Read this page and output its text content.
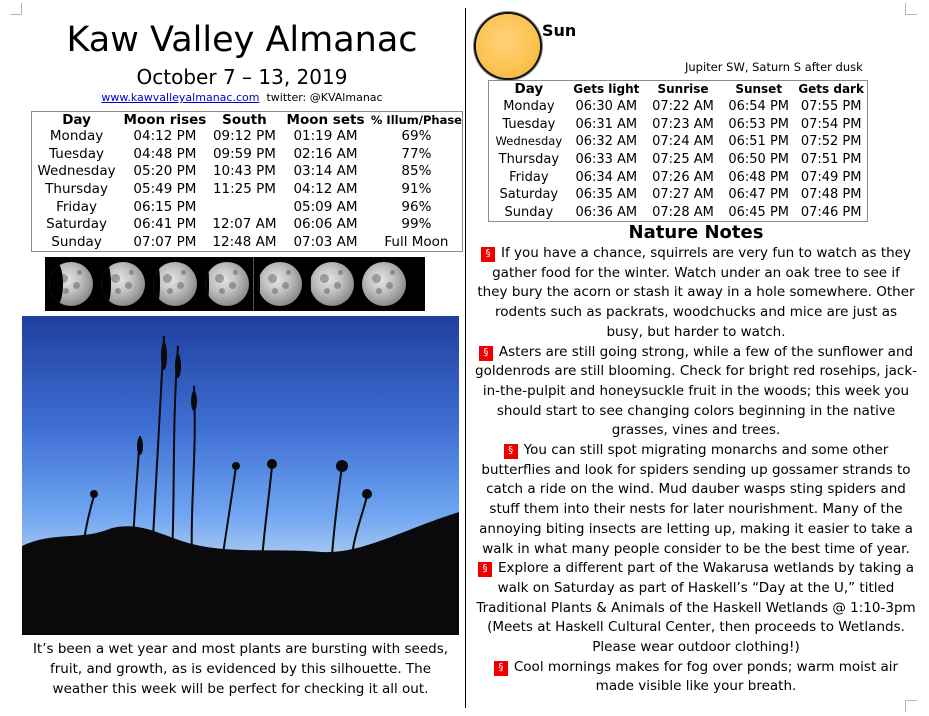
Kaw Valley Almanac
October 7 – 13, 2019
www.kawvalleyalmanac.com twitter: @KVAlmanac
Day	Moon rises	South	Moon sets	% Illum/Phase
Monday	04:12 PM	09:12 PM	01:19 AM	69%
Tuesday	04:48 PM	09:59 PM	02:16 AM	77%
Wednesday	05:20 PM	10:43 PM	03:14 AM	85%
Thursday	05:49 PM	11:25 PM	04:12 AM	91%
Friday	06:15 PM		05:09 AM	96%
Saturday	06:41 PM	12:07 AM	06:06 AM	99%
Sunday	07:07 PM	12:48 AM	07:03 AM	Full Moon
It’s been a wet year and most plants are bursting with seeds, fruit, and growth, as is evidenced by this silhouette. The weather this week will be perfect for checking it all out.
Sun
Jupiter SW, Saturn S after dusk
Day	Gets light	Sunrise	Sunset	Gets dark
Monday	06:30 AM	07:22 AM	06:54 PM	07:55 PM
Tuesday	06:31 AM	07:23 AM	06:53 PM	07:54 PM
Wednesday	06:32 AM	07:24 AM	06:51 PM	07:52 PM
Thursday	06:33 AM	07:25 AM	06:50 PM	07:51 PM
Friday	06:34 AM	07:26 AM	06:48 PM	07:49 PM
Saturday	06:35 AM	07:27 AM	06:47 PM	07:48 PM
Sunday	06:36 AM	07:28 AM	06:45 PM	07:46 PM
Nature Notes

§ If you have a chance, squirrels are very fun to watch as they gather food for the winter. Watch under an oak tree to see if they bury the acorn or stash it away in a hole somewhere. Other rodents such as packrats, woodchucks and mice are just as busy, but harder to watch.

§ Asters are still going strong, while a few of the sunflower and goldenrods are still blooming. Check for bright red rosehips, jack-in-the-pulpit and honeysuckle fruit in the woods; this week you should start to see changing colors beginning in the native grasses, vines and trees.

§ You can still spot migrating monarchs and some other butterflies and look for spiders sending up gossamer strands to catch a ride on the wind. Mud dauber wasps sting spiders and stuff them into their nests for later nourishment. Many of the annoying biting insects are letting up, making it easier to take a walk in what many people consider to be the best time of year.

§ Explore a different part of the Wakarusa wetlands by taking a walk on Saturday as part of Haskell’s “Day at the U,” titled Traditional Plants & Animals of the Haskell Wetlands @ 1:10-3pm (Meets at Haskell Cultural Center, then proceeds to Wetlands. Please wear outdoor clothing!)

§ Cool mornings makes for fog over ponds; warm moist air made visible like your breath.
